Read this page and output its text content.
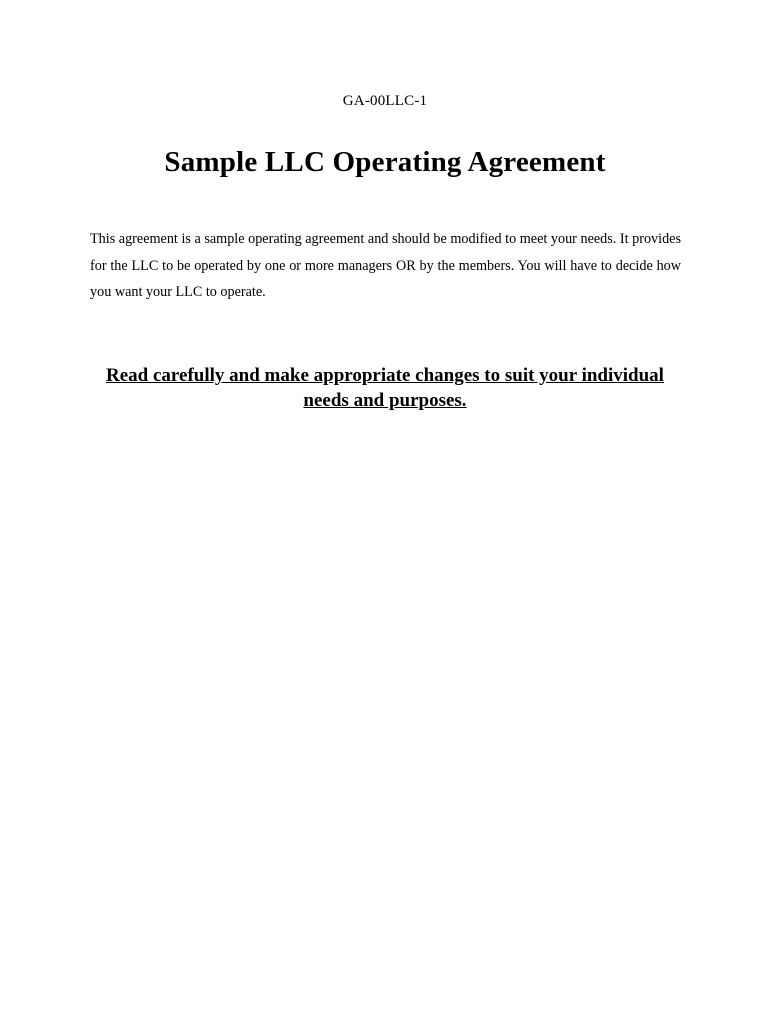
GA-00LLC-1
Sample LLC Operating Agreement

This agreement is a sample operating agreement and should be modified to meet your needs. It provides for the LLC to be operated by one or more managers OR by the members. You will have to decide how you want your LLC to operate.

Read carefully and make appropriate changes to suit your individual needs and purposes.
